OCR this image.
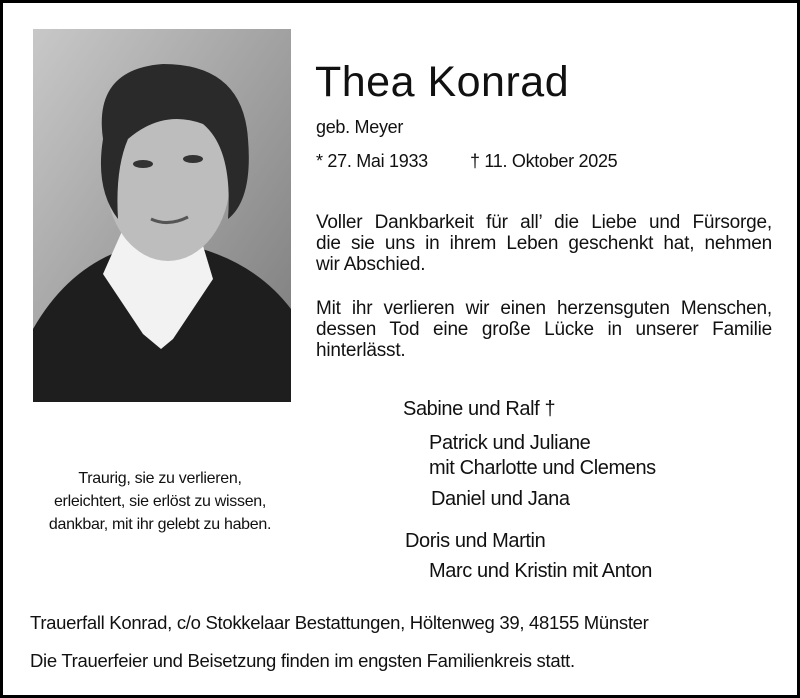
Thea Konrad
geb. Meyer
* 27. Mai 1933 † 11. Oktober 2025
Voller Dankbarkeit für all’ die Liebe und Fürsorge,
die sie uns in ihrem Leben geschenkt hat, nehmen
wir Abschied.
Mit ihr verlieren wir einen herzensguten Menschen,
dessen Tod eine große Lücke in unserer Familie
hinterlässt.
Traurig, sie zu verlieren,
erleichtert, sie erlöst zu wissen,
dankbar, mit ihr gelebt zu haben.
Sabine und Ralf †
Patrick und Juliane
mit Charlotte und Clemens
Daniel und Jana
Doris und Martin
Marc und Kristin mit Anton
Trauerfall Konrad, c/o Stokkelaar Bestattungen, Höltenweg 39, 48155 Münster
Die Trauerfeier und Beisetzung finden im engsten Familienkreis statt.
